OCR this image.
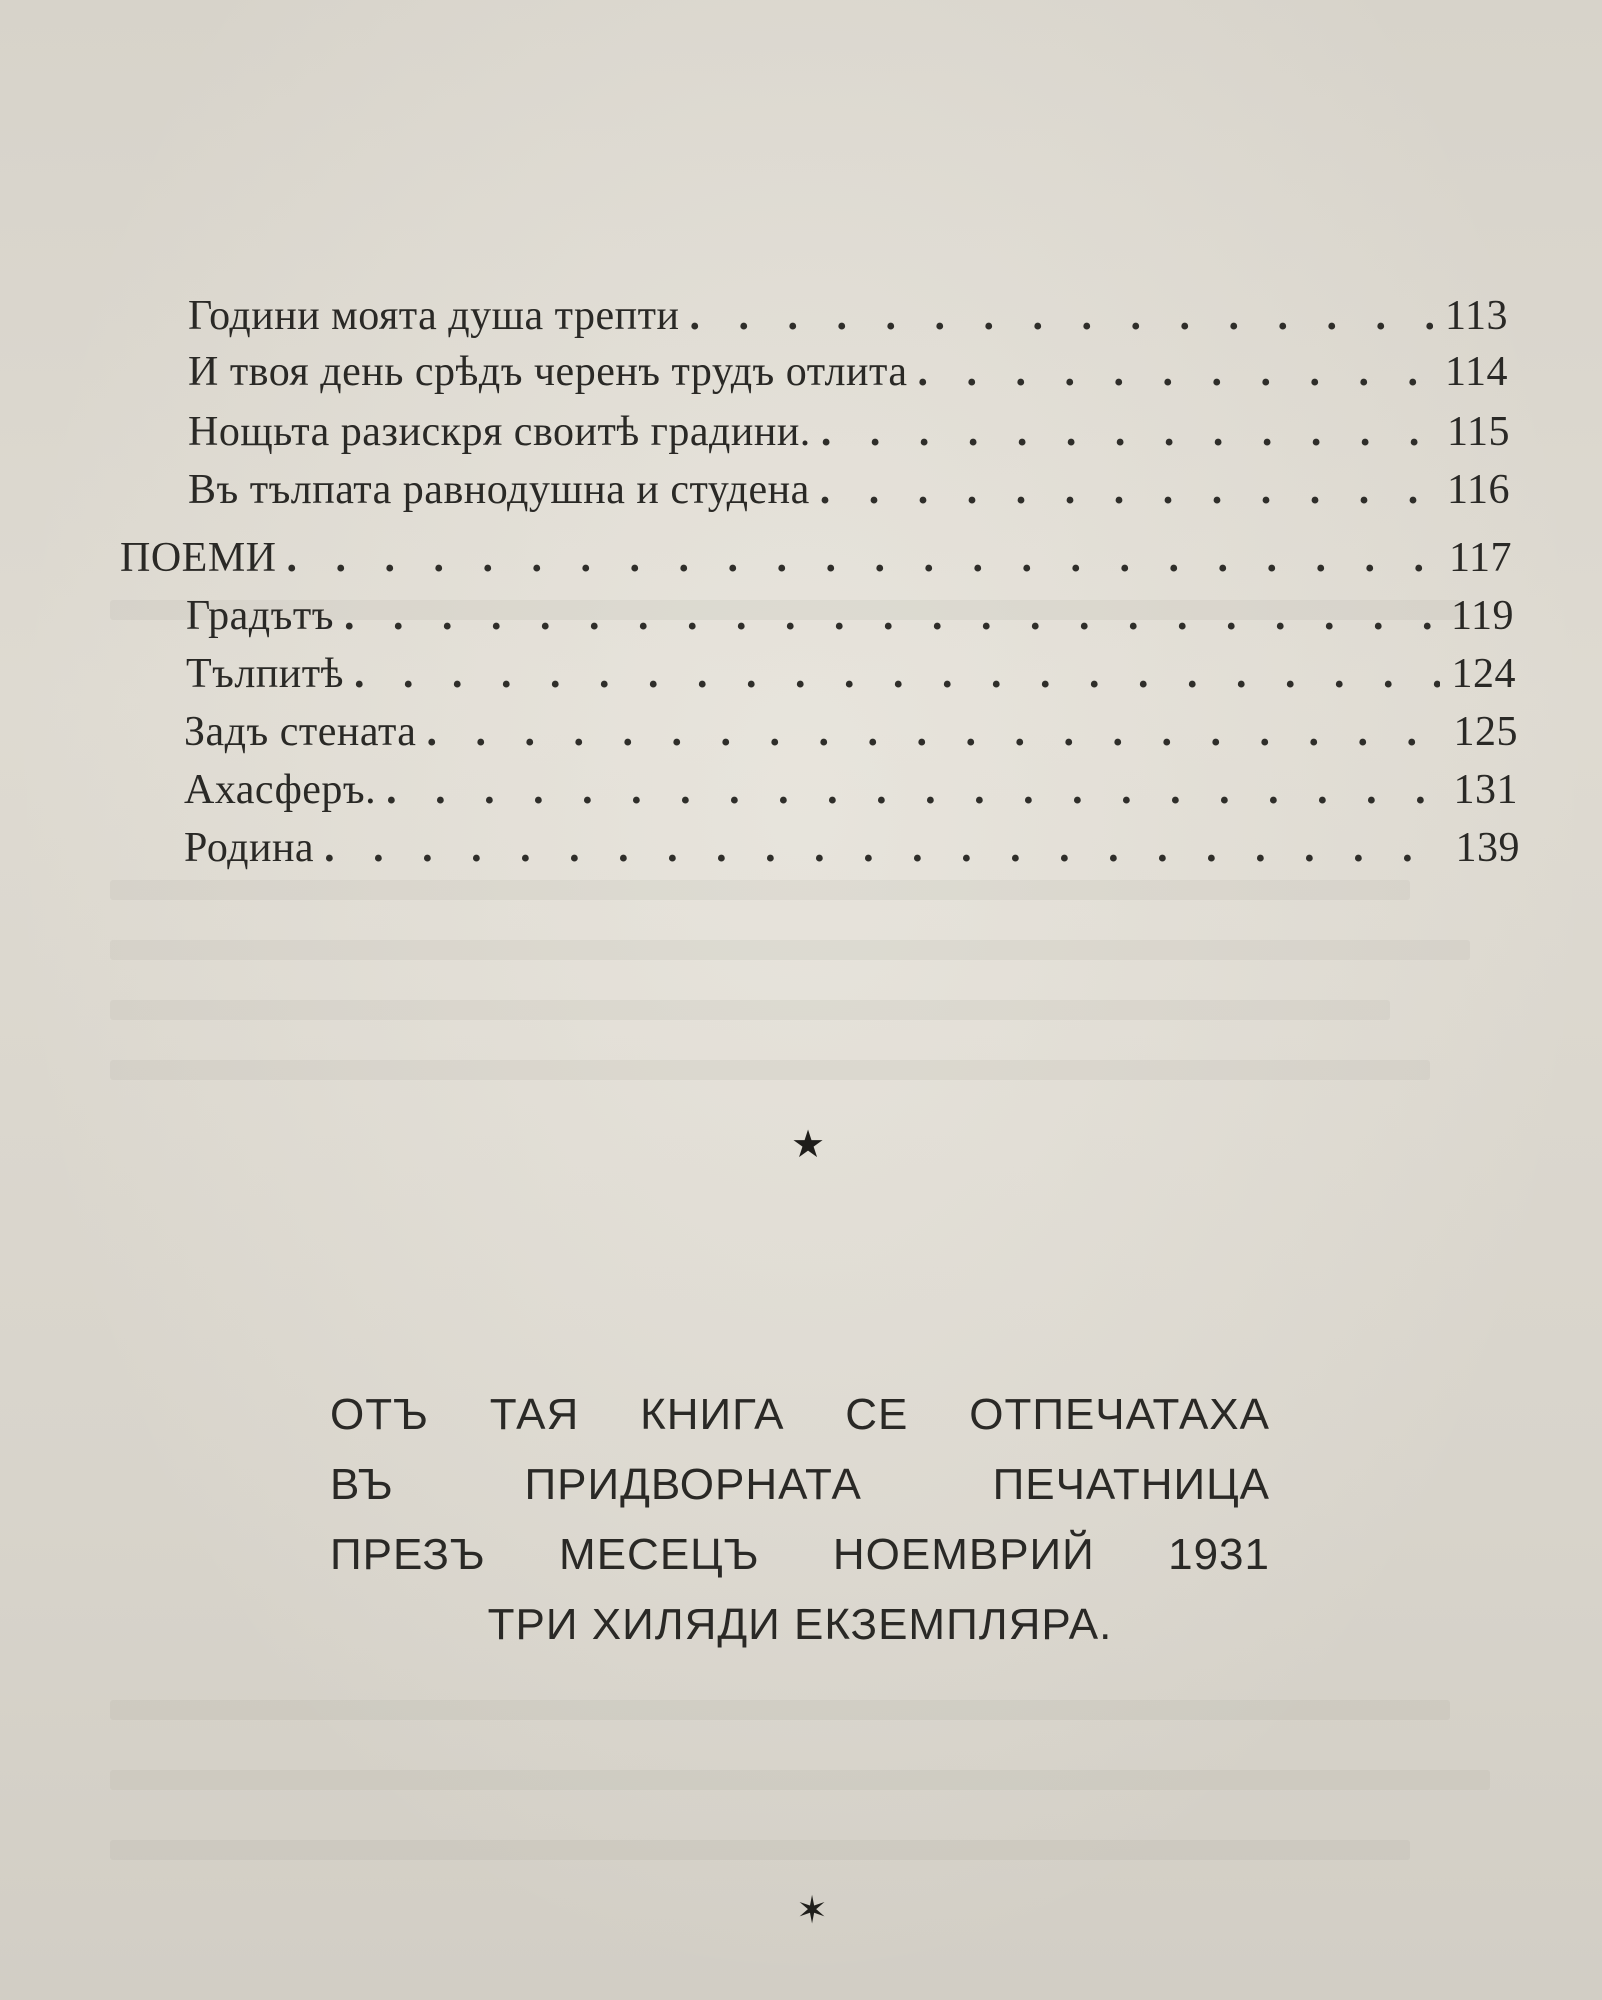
Години моята душа трепти . . .	113
И твоя день срѣдъ черенъ трудъ отлита . . .	114
Нощьта разискря своитѣ градини. . . .	115
Въ тълпата равнодушна и студена . . .	116
ПОЕМИ . . .	117
Градътъ . . .	119
Тълпитѣ . . .	124
Задъ стената . . .	125
Ахасферъ. . . .	131
Родина . . .	139
★
ОТЪ ТАЯ КНИГА СЕ ОТПЕЧАТАХА
ВЪ ПРИДВОРНАТА ПЕЧАТНИЦА
ПРЕЗЪ МЕСЕЦЪ НОЕМВРИЙ 1931
ТРИ ХИЛЯДИ ЕКЗЕМПЛЯРА.
✶
